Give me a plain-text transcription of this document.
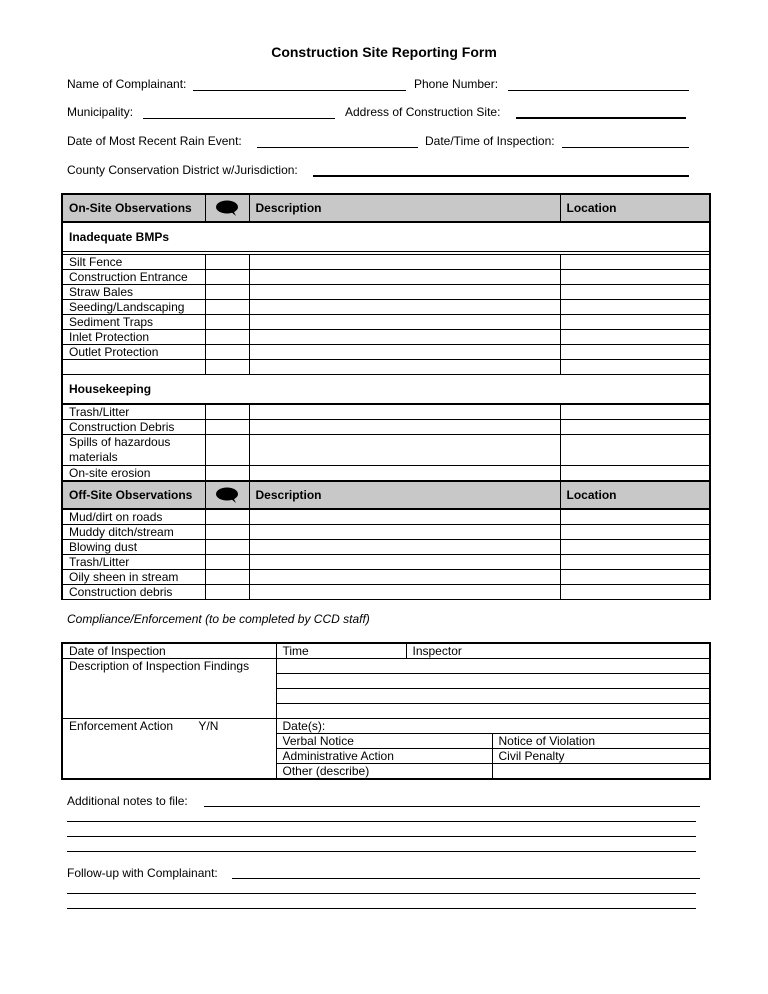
Construction Site Reporting Form
Name of Complainant:	Phone Number:
Municipality:	Address of Construction Site:
Date of Most Recent Rain Event:	Date/Time of Inspection:
County Conservation District w/Jurisdiction:
On-Site Observations		Description	Location
Inadequate BMPs			

Silt Fence			
Construction Entrance			
Straw Bales			
Seeding/Landscaping			
Sediment Traps			
Inlet Protection			
Outlet Protection			

Housekeeping			

Trash/Litter			
Construction Debris			
Spills of hazardous materials			
On-site erosion			
Off-Site Observations		Description	Location
Mud/dirt on roads			
Muddy ditch/stream			
Blowing dust			
Trash/Litter			
Oily sheen in stream			
Construction debris			
Compliance/Enforcement (to be completed by CCD staff)
Date of Inspection	Time	Inspector	
Description of Inspection Findings			

Enforcement Action Y/N	Date(s):		
	Verbal Notice		Notice of Violation
	Administrative Action		Civil Penalty
	Other (describe)		
Additional notes to file:
Follow-up with Complainant:
